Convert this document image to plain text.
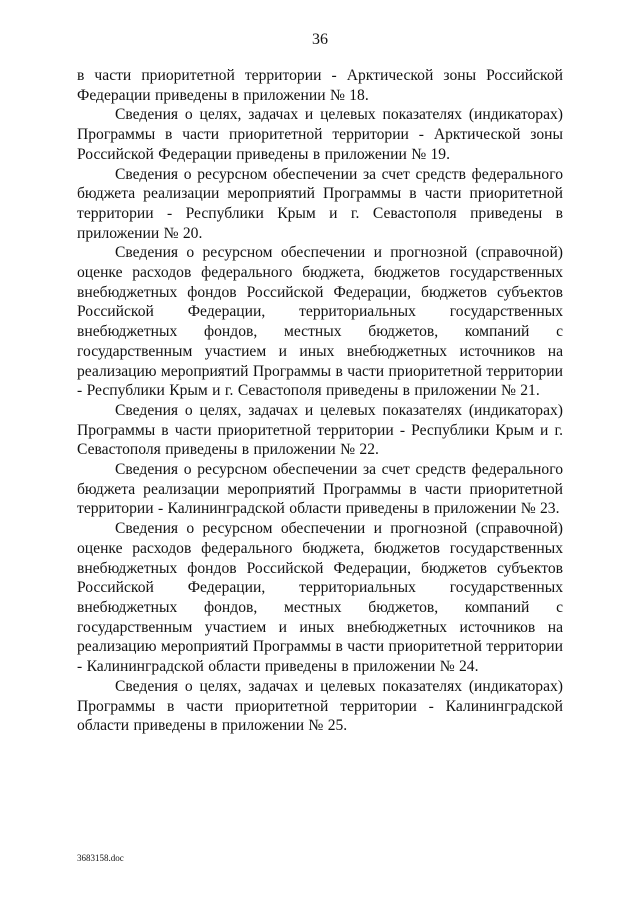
36

в части приоритетной территории - Арктической зоны Российской Федерации приведены в приложении № 18.

Сведения о целях, задачах и целевых показателях (индикаторах) Программы в части приоритетной территории - Арктической зоны Российской Федерации приведены в приложении № 19.

Сведения о ресурсном обеспечении за счет средств федерального бюджета реализации мероприятий Программы в части приоритетной территории - Республики Крым и г. Севастополя приведены в приложении № 20.

Сведения о ресурсном обеспечении и прогнозной (справочной) оценке расходов федерального бюджета, бюджетов государственных внебюджетных фондов Российской Федерации, бюджетов субъектов Российской Федерации, территориальных государственных внебюджетных фондов, местных бюджетов, компаний с государственным участием и иных внебюджетных источников на реализацию мероприятий Программы в части приоритетной территории - Республики Крым и г. Севастополя приведены в приложении № 21.

Сведения о целях, задачах и целевых показателях (индикаторах) Программы в части приоритетной территории - Республики Крым и г. Севастополя приведены в приложении № 22.

Сведения о ресурсном обеспечении за счет средств федерального бюджета реализации мероприятий Программы в части приоритетной территории - Калининградской области приведены в приложении № 23.

Сведения о ресурсном обеспечении и прогнозной (справочной) оценке расходов федерального бюджета, бюджетов государственных внебюджетных фондов Российской Федерации, бюджетов субъектов Российской Федерации, территориальных государственных внебюджетных фондов, местных бюджетов, компаний с государственным участием и иных внебюджетных источников на реализацию мероприятий Программы в части приоритетной территории - Калининградской области приведены в приложении № 24.

Сведения о целях, задачах и целевых показателях (индикаторах) Программы в части приоритетной территории - Калининградской области приведены в приложении № 25.

3683158.doc
